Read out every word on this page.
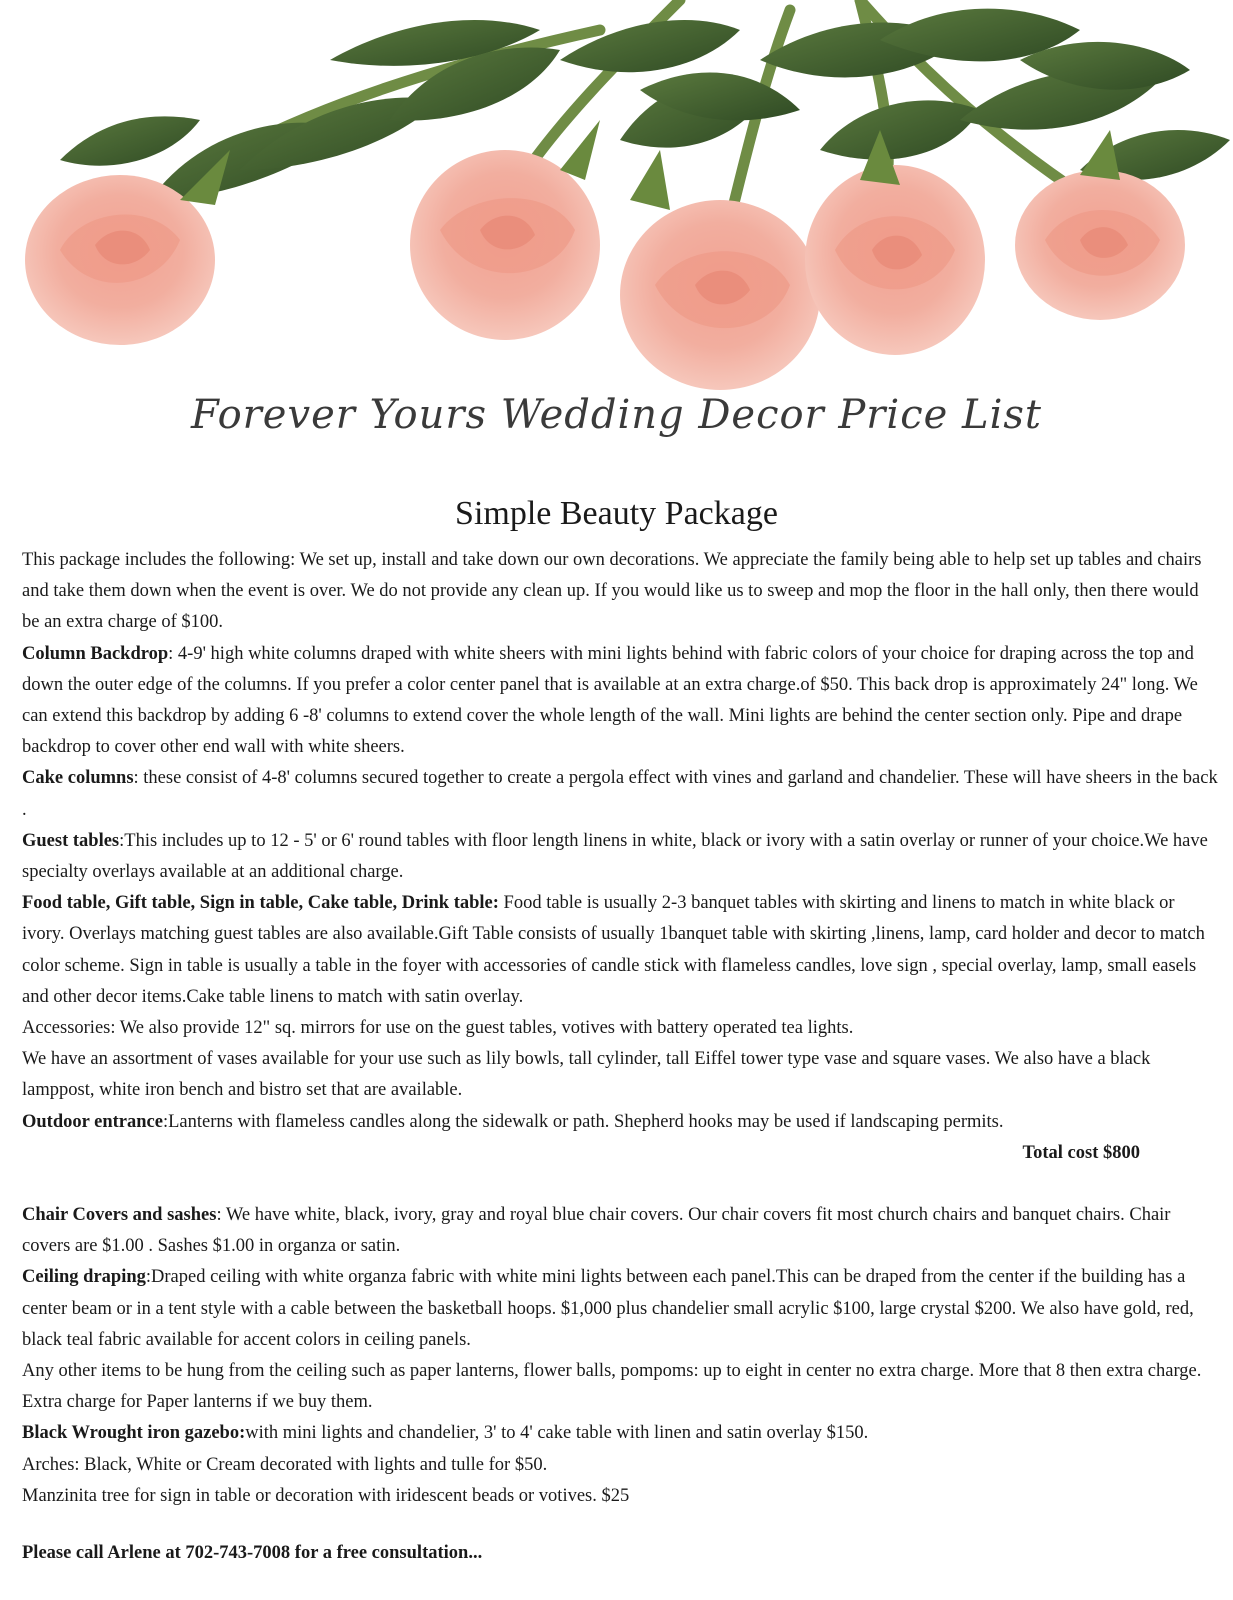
Forever Yours Wedding Decor Price List
Simple Beauty Package

This package includes the following: We set up, install and take down our own decorations. We appreciate the family being able to help set up tables and chairs and take them down when the event is over. We do not provide any clean up. If you would like us to sweep and mop the floor in the hall only, then there would be an extra charge of $100.

Column Backdrop: 4-9' high white columns draped with white sheers with mini lights behind with fabric colors of your choice for draping across the top and down the outer edge of the columns. If you prefer a color center panel that is available at an extra charge.of $50. This back drop is approximately 24" long. We can extend this backdrop by adding 6 -8' columns to extend cover the whole length of the wall. Mini lights are behind the center section only. Pipe and drape backdrop to cover other end wall with white sheers.

Cake columns: these consist of 4-8' columns secured together to create a pergola effect with vines and garland and chandelier. These will have sheers in the back .

Guest tables:This includes up to 12 - 5' or 6' round tables with floor length linens in white, black or ivory with a satin overlay or runner of your choice.We have specialty overlays available at an additional charge.

Food table, Gift table, Sign in table, Cake table, Drink table: Food table is usually 2-3 banquet tables with skirting and linens to match in white black or ivory. Overlays matching guest tables are also available.Gift Table consists of usually 1banquet table with skirting ,linens, lamp, card holder and decor to match color scheme. Sign in table is usually a table in the foyer with accessories of candle stick with flameless candles, love sign , special overlay, lamp, small easels and other decor items.Cake table linens to match with satin overlay.

Accessories: We also provide 12" sq. mirrors for use on the guest tables, votives with battery operated tea lights.

We have an assortment of vases available for your use such as lily bowls, tall cylinder, tall Eiffel tower type vase and square vases. We also have a black lamppost, white iron bench and bistro set that are available.

Outdoor entrance:Lanterns with flameless candles along the sidewalk or path. Shepherd hooks may be used if landscaping permits.

Total cost $800

Chair Covers and sashes: We have white, black, ivory, gray and royal blue chair covers. Our chair covers fit most church chairs and banquet chairs. Chair covers are $1.00 . Sashes $1.00 in organza or satin.

Ceiling draping:Draped ceiling with white organza fabric with white mini lights between each panel.This can be draped from the center if the building has a center beam or in a tent style with a cable between the basketball hoops. $1,000 plus chandelier small acrylic $100, large crystal $200. We also have gold, red, black teal fabric available for accent colors in ceiling panels.

Any other items to be hung from the ceiling such as paper lanterns, flower balls, pompoms: up to eight in center no extra charge. More that 8 then extra charge. Extra charge for Paper lanterns if we buy them.

Black Wrought iron gazebo:with mini lights and chandelier, 3' to 4' cake table with linen and satin overlay $150.

Arches: Black, White or Cream decorated with lights and tulle for $50.

Manzinita tree for sign in table or decoration with iridescent beads or votives. $25

Please call Arlene at 702-743-7008 for a free consultation...
